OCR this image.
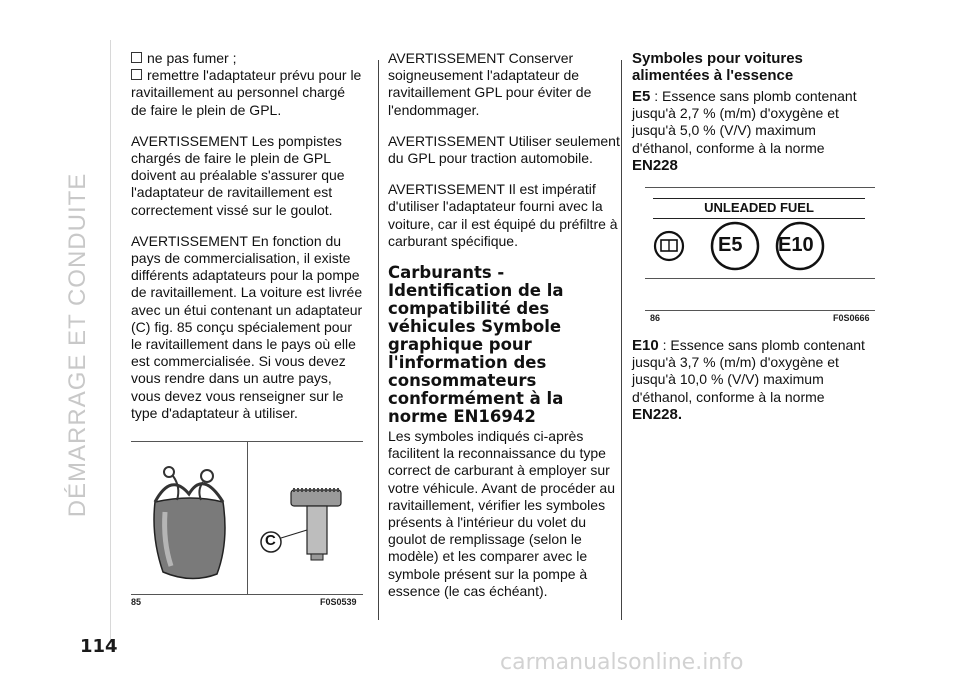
DÉMARRAGE ET CONDUITE
114

ne pas fumer ;

remettre l'adaptateur prévu pour le ravitaillement au personnel chargé de faire le plein de GPL.

AVERTISSEMENT Les pompistes chargés de faire le plein de GPL doivent au préalable s'assurer que l'adaptateur de ravitaillement est correctement vissé sur le goulot.

AVERTISSEMENT En fonction du pays de commercialisation, il existe différents adaptateurs pour la pompe de ravitaillement. La voiture est livrée avec un étui contenant un adaptateur (C) fig. 85 conçu spécialement pour le ravitaillement dans le pays où elle est commercialisée. Si vous devez vous rendre dans un autre pays, vous devez vous renseigner sur le type d'adaptateur à utiliser.

C
85	F0S0539

AVERTISSEMENT Conserver soigneusement l'adaptateur de ravitaillement GPL pour éviter de l'endommager.

AVERTISSEMENT Utiliser seulement du GPL pour traction automobile.

AVERTISSEMENT Il est impératif d'utiliser l'adaptateur fourni avec la voiture, car il est équipé du préfiltre à carburant spécifique.

Carburants - Identification de la compatibilité des véhicules Symbole graphique pour l'information des consommateurs conformément à la norme EN16942

Les symboles indiqués ci-après facilitent la reconnaissance du type correct de carburant à employer sur votre véhicule. Avant de procéder au ravitaillement, vérifier les symboles présents à l'intérieur du volet du goulot de remplissage (selon le modèle) et les comparer avec le symbole présent sur la pompe à essence (le cas échéant).

Symboles pour voitures alimentées à l'essence

E5 : Essence sans plomb contenant jusqu'à 2,7 % (m/m) d'oxygène et jusqu'à 5,0 % (V/V) maximum d'éthanol, conforme à la norme EN228

UNLEADED FUEL
E5 E10
86	F0S0666

E10 : Essence sans plomb contenant jusqu'à 3,7 % (m/m) d'oxygène et jusqu'à 10,0 % (V/V) maximum d'éthanol, conforme à la norme
EN228.

carmanualsonline.info
